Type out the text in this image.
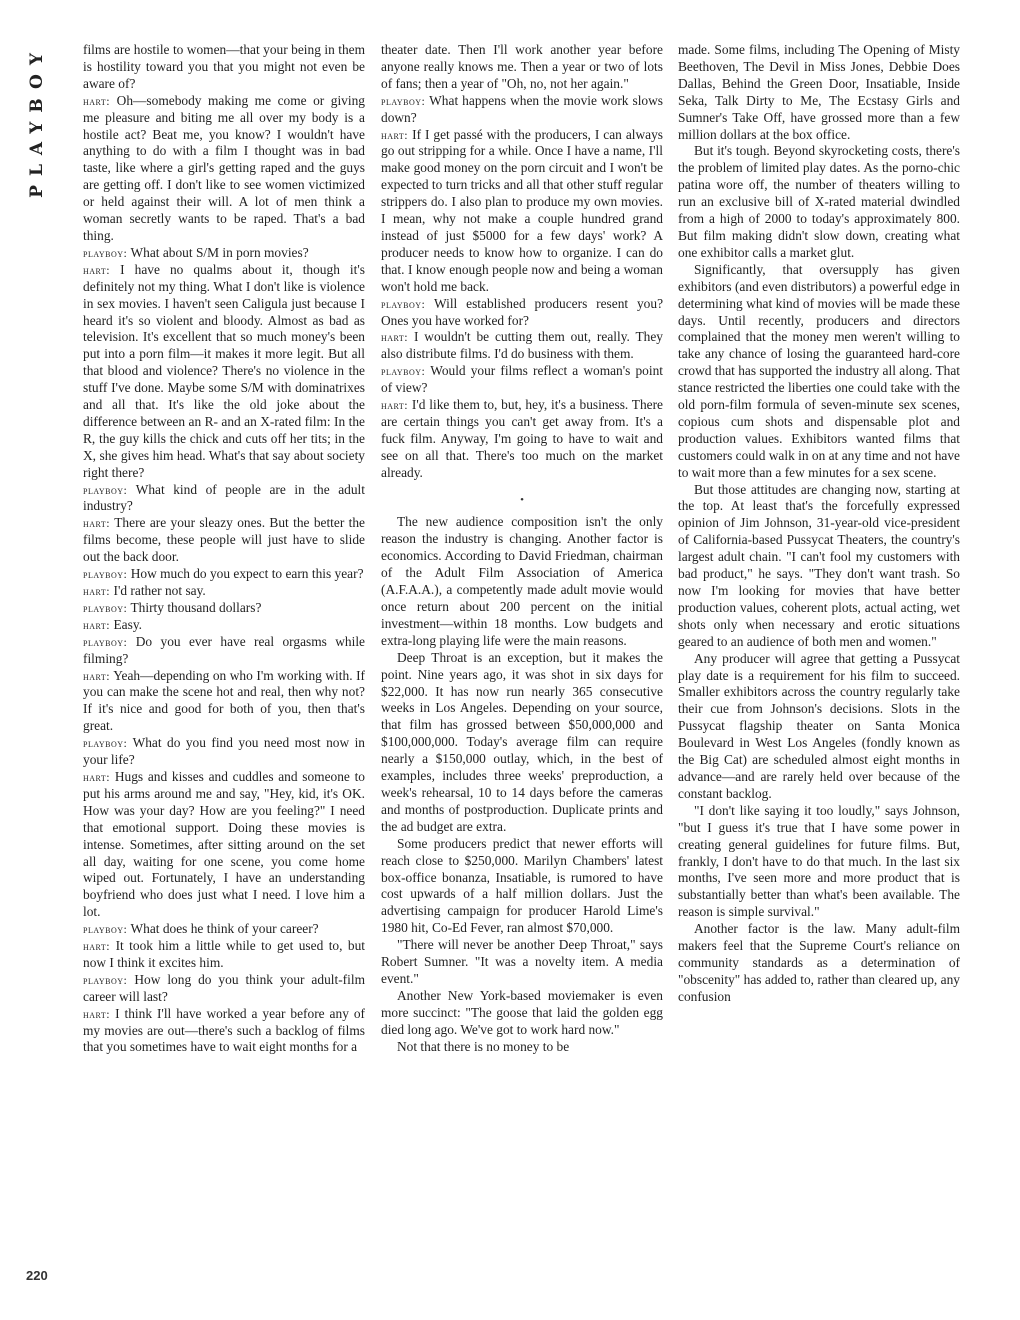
PLAYBOY	films are hostile to women—that your being in them is hostility toward you that you might not even be aware of?

hart: Oh—somebody making me come or giving me pleasure and biting me all over my body is a hostile act? Beat me, you know? I wouldn't have anything to do with a film I thought was in bad taste, like where a girl's getting raped and the guys are getting off. I don't like to see women victimized or held against their will. A lot of men think a woman secretly wants to be raped. That's a bad thing.

playboy: What about S/M in porn movies?

hart: I have no qualms about it, though it's definitely not my thing. What I don't like is violence in sex movies. I haven't seen Caligula just because I heard it's so violent and bloody. Almost as bad as television. It's excellent that so much money's been put into a porn film—it makes it more legit. But all that blood and violence? There's no violence in the stuff I've done. Maybe some S/M with dominatrixes and all that. It's like the old joke about the difference between an R- and an X-rated film: In the R, the guy kills the chick and cuts off her tits; in the X, she gives him head. What's that say about society right there?

playboy: What kind of people are in the adult industry?

hart: There are your sleazy ones. But the better the films become, these people will just have to slide out the back door.

playboy: How much do you expect to earn this year?

hart: I'd rather not say.

playboy: Thirty thousand dollars?

hart: Easy.

playboy: Do you ever have real orgasms while filming?

hart: Yeah—depending on who I'm working with. If you can make the scene hot and real, then why not? If it's nice and good for both of you, then that's great.

playboy: What do you find you need most now in your life?

hart: Hugs and kisses and cuddles and someone to put his arms around me and say, "Hey, kid, it's OK. How was your day? How are you feeling?" I need that emotional support. Doing these movies is intense. Sometimes, after sitting around on the set all day, waiting for one scene, you come home wiped out. Fortunately, I have an understanding boyfriend who does just what I need. I love him a lot.

playboy: What does he think of your career?

hart: It took him a little while to get used to, but now I think it excites him.

playboy: How long do you think your adult-film career will last?

hart: I think I'll have worked a year before any of my movies are out—there's such a backlog of films that you sometimes have to wait eight months for a

theater date. Then I'll work another year before anyone really knows me. Then a year or two of lots of fans; then a year of "Oh, no, not her again."

playboy: What happens when the movie work slows down?

hart: If I get passé with the producers, I can always go out stripping for a while. Once I have a name, I'll make good money on the porn circuit and I won't be expected to turn tricks and all that other stuff regular strippers do. I also plan to produce my own movies. I mean, why not make a couple hundred grand instead of just $5000 for a few days' work? A producer needs to know how to organize. I can do that. I know enough people now and being a woman won't hold me back.

playboy: Will established producers resent you? Ones you have worked for?

hart: I wouldn't be cutting them out, really. They also distribute films. I'd do business with them.

playboy: Would your films reflect a woman's point of view?

hart: I'd like them to, but, hey, it's a business. There are certain things you can't get away from. It's a fuck film. Anyway, I'm going to have to wait and see on all that. There's too much on the market already.

•

The new audience composition isn't the only reason the industry is changing. Another factor is economics. According to David Friedman, chairman of the Adult Film Association of America (A.F.A.A.), a competently made adult movie would once return about 200 percent on the initial investment—within 18 months. Low budgets and extra-long playing life were the main reasons.

Deep Throat is an exception, but it makes the point. Nine years ago, it was shot in six days for $22,000. It has now run nearly 365 consecutive weeks in Los Angeles. Depending on your source, that film has grossed between $50,000,000 and $100,000,000. Today's average film can require nearly a $150,000 outlay, which, in the best of examples, includes three weeks' preproduction, a week's rehearsal, 10 to 14 days before the cameras and months of postproduction. Duplicate prints and the ad budget are extra.

Some producers predict that newer efforts will reach close to $250,000. Marilyn Chambers' latest box-office bonanza, Insatiable, is rumored to have cost upwards of a half million dollars. Just the advertising campaign for producer Harold Lime's 1980 hit, Co-Ed Fever, ran almost $70,000.

"There will never be another Deep Throat," says Robert Sumner. "It was a novelty item. A media event."

Another New York-based moviemaker is even more succinct: "The goose that laid the golden egg died long ago. We've got to work hard now."

Not that there is no money to be

made. Some films, including The Opening of Misty Beethoven, The Devil in Miss Jones, Debbie Does Dallas, Behind the Green Door, Insatiable, Inside Seka, Talk Dirty to Me, The Ecstasy Girls and Sumner's Take Off, have grossed more than a few million dollars at the box office.

But it's tough. Beyond skyrocketing costs, there's the problem of limited play dates. As the porno-chic patina wore off, the number of theaters willing to run an exclusive bill of X-rated material dwindled from a high of 2000 to today's approximately 800. But film making didn't slow down, creating what one exhibitor calls a market glut.

Significantly, that oversupply has given exhibitors (and even distributors) a powerful edge in determining what kind of movies will be made these days. Until recently, producers and directors complained that the money men weren't willing to take any chance of losing the guaranteed hard-core crowd that has supported the industry all along. That stance restricted the liberties one could take with the old porn-film formula of seven-minute sex scenes, copious cum shots and dispensable plot and production values. Exhibitors wanted films that customers could walk in on at any time and not have to wait more than a few minutes for a sex scene.

But those attitudes are changing now, starting at the top. At least that's the forcefully expressed opinion of Jim Johnson, 31-year-old vice-president of California-based Pussycat Theaters, the country's largest adult chain. "I can't fool my customers with bad product," he says. "They don't want trash. So now I'm looking for movies that have better production values, coherent plots, actual acting, wet shots only when necessary and erotic situations geared to an audience of both men and women."

Any producer will agree that getting a Pussycat play date is a requirement for his film to succeed. Smaller exhibitors across the country regularly take their cue from Johnson's decisions. Slots in the Pussycat flagship theater on Santa Monica Boulevard in West Los Angeles (fondly known as the Big Cat) are scheduled almost eight months in advance—and are rarely held over because of the constant backlog.

"I don't like saying it too loudly," says Johnson, "but I guess it's true that I have some power in creating general guidelines for future films. But, frankly, I don't have to do that much. In the last six months, I've seen more and more product that is substantially better than what's been available. The reason is simple survival."

Another factor is the law. Many adult-film makers feel that the Supreme Court's reliance on community standards as a determination of "obscenity" has added to, rather than cleared up, any confusion

220
